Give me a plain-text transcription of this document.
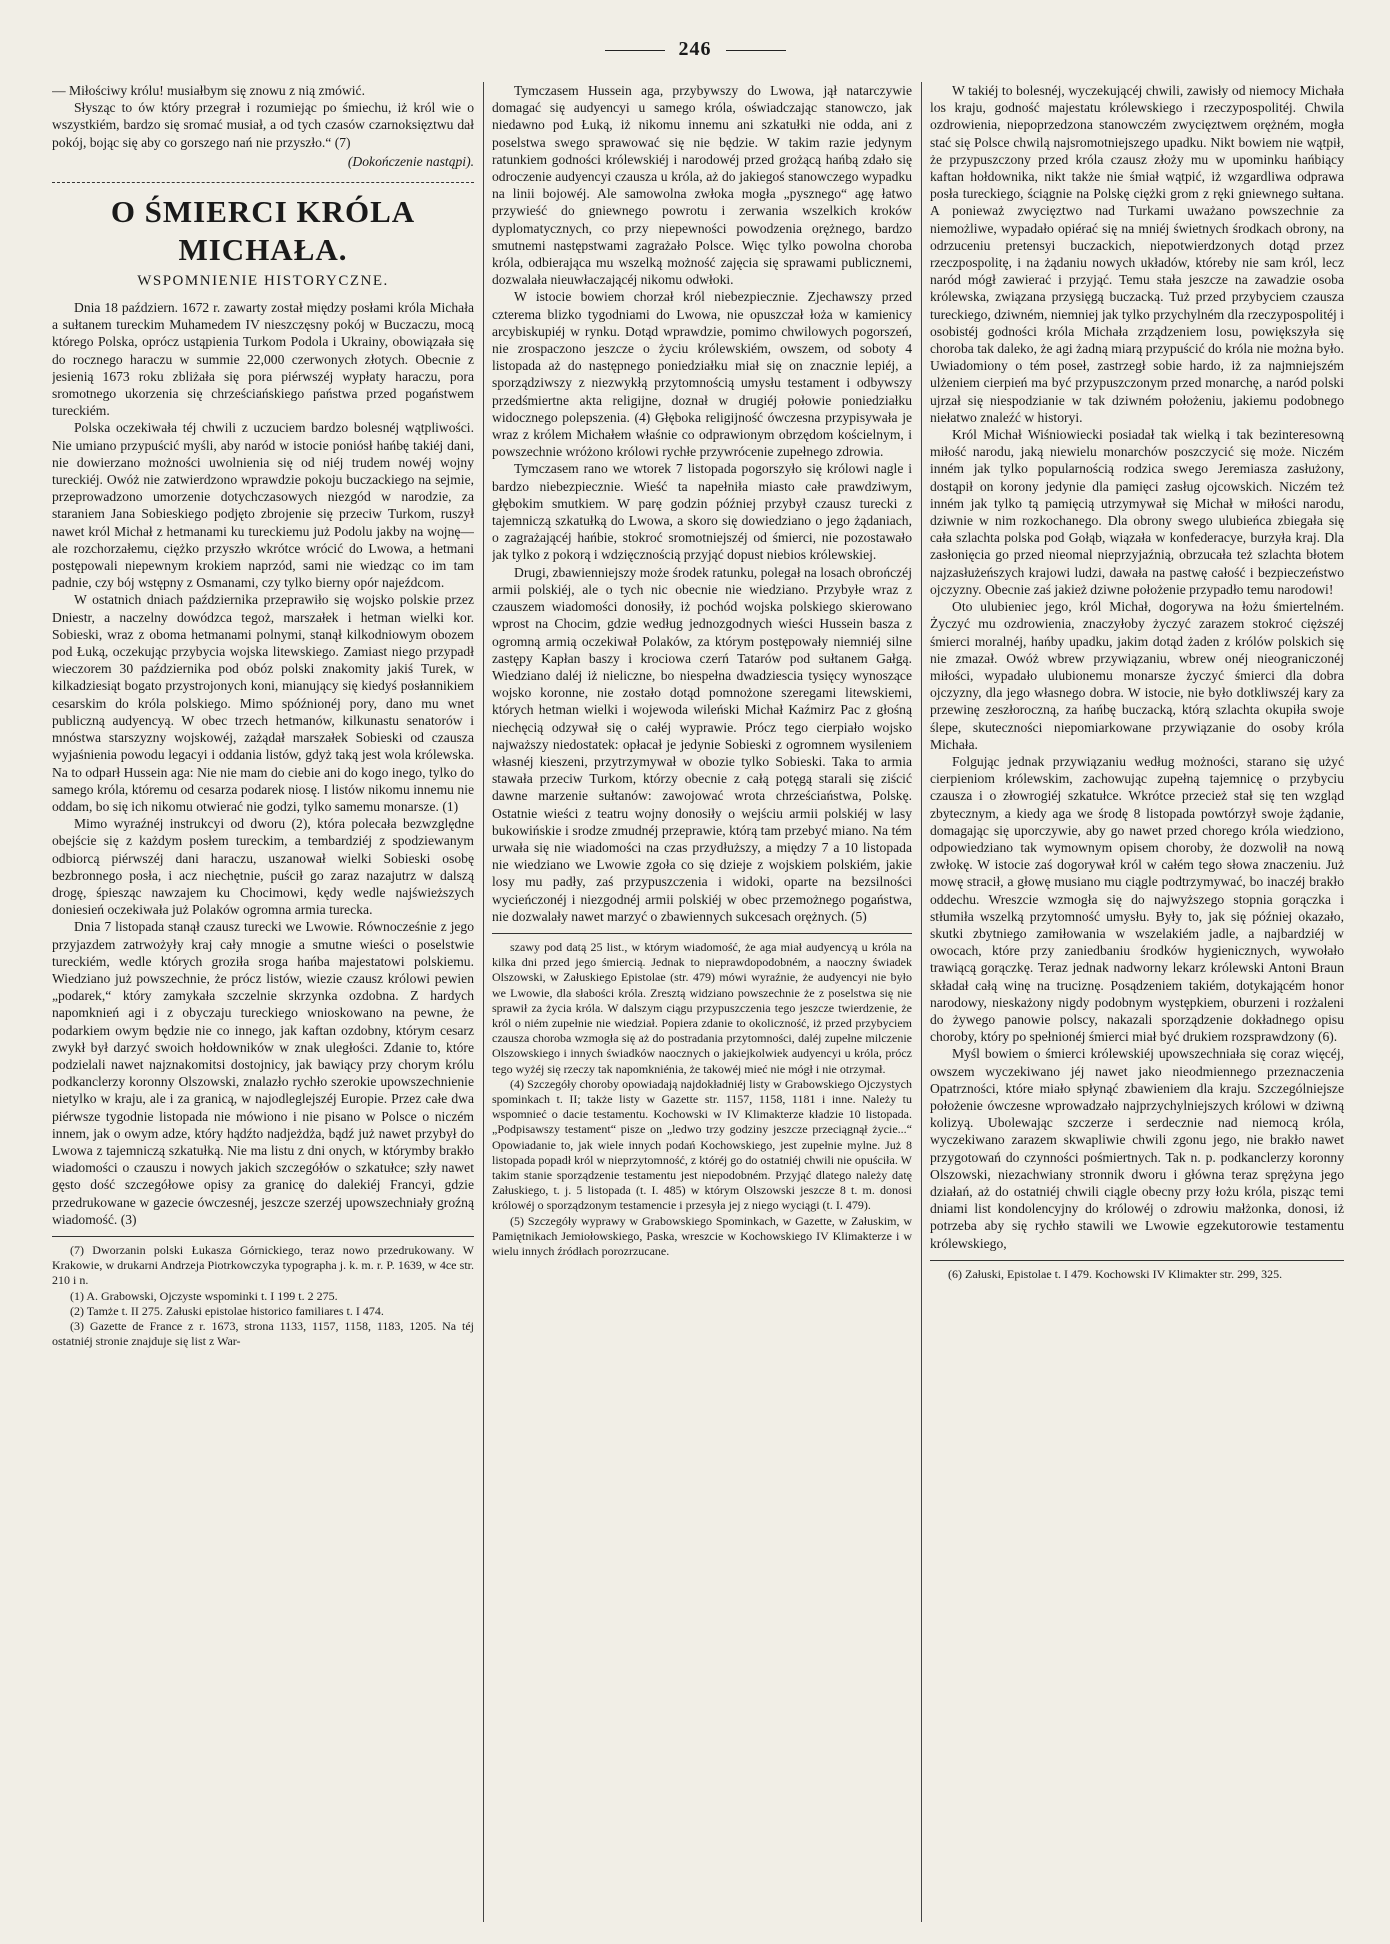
246

— Miłościwy królu! musiałbym się znowu z nią zmówić.

Słysząc to ów który przegrał i rozumiejąc po śmiechu, iż król wie o wszystkiém, bardzo się sromać musiał, a od tych czasów czarnoksięztwu dał pokój, bojąc się aby co gorszego nań nie przyszło.“ (7)

(Dokończenie nastąpi).
O ŚMIERCI KRÓLA MICHAŁA.
WSPOMNIENIE HISTORYCZNE.

Dnia 18 październ. 1672 r. zawarty został między posłami króla Michała a sułtanem tureckim Muhamedem IV nieszczęsny pokój w Buczaczu, mocą którego Polska, oprócz ustąpienia Turkom Podola i Ukrainy, obowiązała się do rocznego haraczu w summie 22,000 czerwonych złotych. Obecnie z jesienią 1673 roku zbliżała się pora piérwszéj wypłaty haraczu, pora sromotnego ukorzenia się chrześciańskiego państwa przed pogaństwem tureckiém.

Polska oczekiwała téj chwili z uczuciem bardzo bolesnéj wątpliwości. Nie umiano przypuścić myśli, aby naród w istocie poniósł hańbę takiéj dani, nie dowierzano możności uwolnienia się od niéj trudem nowéj wojny tureckiéj. Owóż nie zatwierdzono wprawdzie pokoju buczackiego na sejmie, przeprowadzono umorzenie dotychczasowych niezgód w narodzie, za staraniem Jana Sobieskiego podjęto zbrojenie się przeciw Turkom, ruszył nawet król Michał z hetmanami ku tureckiemu już Podolu jakby na wojnę—ale rozchorzałemu, ciężko przyszło wkrótce wrócić do Lwowa, a hetmani postępowali niepewnym krokiem naprzód, sami nie wiedząc co im tam padnie, czy bój wstępny z Osmanami, czy tylko bierny opór najeźdcom.

W ostatnich dniach października przeprawiło się wojsko polskie przez Dniestr, a naczelny dowódzca tegoż, marszałek i hetman wielki kor. Sobieski, wraz z oboma hetmanami polnymi, stanął kilkodniowym obozem pod Łuką, oczekując przybycia wojska litewskiego. Zamiast niego przypadł wieczorem 30 października pod obóz polski znakomity jakiś Turek, w kilkadziesiąt bogato przystrojonych koni, mianujący się kiedyś posłannikiem cesarskim do króla polskiego. Mimo spóźnionéj pory, dano mu wnet publiczną audyencyą. W obec trzech hetmanów, kilkunastu senatorów i mnóstwa starszyzny wojskowéj, zażądał marszałek Sobieski od czausza wyjaśnienia powodu legacyi i oddania listów, gdyż taką jest wola królewska. Na to odparł Hussein aga: Nie nie mam do ciebie ani do kogo inego, tylko do samego króla, któremu od cesarza podarek niosę. I listów nikomu innemu nie oddam, bo się ich nikomu otwierać nie godzi, tylko samemu monarsze. (1)

Mimo wyraźnéj instrukcyi od dworu (2), która polecała bezwzględne obejście się z każdym posłem tureckim, a tembardziéj z spodziewanym odbiorcą piérwszéj dani haraczu, uszanował wielki Sobieski osobę bezbronnego posła, i acz niechętnie, puścił go zaraz nazajutrz w dalszą drogę, śpiesząc nawzajem ku Chocimowi, kędy wedle najświeższych doniesień oczekiwała już Polaków ogromna armia turecka.

Dnia 7 listopada stanął czausz turecki we Lwowie. Równocześnie z jego przyjazdem zatrwożyły kraj cały mnogie a smutne wieści o poselstwie tureckiém, wedle których groziła sroga hańba majestatowi polskiemu. Wiedziano już powszechnie, że prócz listów, wiezie czausz królowi pewien „podarek,“ który zamykała szczelnie skrzynka ozdobna. Z hardych napomknień agi i z obyczaju tureckiego wnioskowano na pewne, że podarkiem owym będzie nie co innego, jak kaftan ozdobny, którym cesarz zwykł był darzyć swoich hołdowników w znak uległości. Zdanie to, które podzielali nawet najznakomitsi dostojnicy, jak bawiący przy chorym królu podkanclerzy koronny Olszowski, znalazło rychło szerokie upowszechnienie nietylko w kraju, ale i za granicą, w najodleglejszéj Europie. Przez całe dwa piérwsze tygodnie listopada nie mówiono i nie pisano w Polsce o niczém innem, jak o owym adze, który hądźto nadjeżdża, bądź już nawet przybył do Lwowa z tajemniczą szkatułką. Nie ma listu z dni onych, w którymby brakło wiadomości o czauszu i nowych jakich szczegółów o szkatułce; szły nawet gęsto dość szczegółowe opisy za granicę do dalekiéj Francyi, gdzie przedrukowane w gazecie ówczesnéj, jeszcze szerzéj upowszechniały groźną wiadomość. (3)

(7) Dworzanin polski Łukasza Górnickiego, teraz nowo przedrukowany. W Krakowie, w drukarni Andrzeja Piotrkowczyka typographa j. k. m. r. P. 1639, w 4ce str. 210 i n.

(1) A. Grabowski, Ojczyste wspominki t. I 199 t. 2 275.

(2) Tamże t. II 275. Załuski epistolae historico familiares t. I 474.

(3) Gazette de France z r. 1673, strona 1133, 1157, 1158, 1183, 1205. Na téj ostatniéj stronie znajduje się list z War-

Tymczasem Hussein aga, przybywszy do Lwowa, jął natarczywie domagać się audyencyi u samego króla, oświadczając stanowczo, jak niedawno pod Łuką, iż nikomu innemu ani szkatułki nie odda, ani z poselstwa swego sprawować się nie będzie. W takim razie jedynym ratunkiem godności królewskiéj i narodowéj przed grożącą hańbą zdało się odroczenie audyencyi czausza u króla, aż do jakiegoś stanowczego wypadku na linii bojowéj. Ale samowolna zwłoka mogła „pysznego“ agę łatwo przywieść do gniewnego powrotu i zerwania wszelkich kroków dyplomatycznych, co przy niepewności powodzenia orężnego, bardzo smutnemi następstwami zagrażało Polsce. Więc tylko powolna choroba króla, odbierająca mu wszelką możność zajęcia się sprawami publicznemi, dozwalała nieuwłaczającéj nikomu odwłoki.

W istocie bowiem chorzał król niebezpiecznie. Zjechawszy przed czterema blizko tygodniami do Lwowa, nie opuszczał łoża w kamienicy arcybiskupiéj w rynku. Dotąd wprawdzie, pomimo chwilowych pogorszeń, nie zrospaczono jeszcze o życiu królewskiém, owszem, od soboty 4 listopada aż do następnego poniedziałku miał się on znacznie lepiéj, a sporządziwszy z niezwykłą przytomnością umysłu testament i odbywszy przedśmiertne akta religijne, doznał w drugiéj połowie poniedziałku widocznego polepszenia. (4) Głęboka religijność ówczesna przypisywała je wraz z królem Michałem właśnie co odprawionym obrzędom kościelnym, i powszechnie wróżono królowi rychłe przywrócenie zupełnego zdrowia.

Tymczasem rano we wtorek 7 listopada pogorszyło się królowi nagle i bardzo niebezpiecznie. Wieść ta napełniła miasto całe prawdziwym, głębokim smutkiem. W parę godzin później przybył czausz turecki z tajemniczą szkatułką do Lwowa, a skoro się dowiedziano o jego żądaniach, o zagrażającéj hańbie, stokroć sromotniejszéj od śmierci, nie pozostawało jak tylko z pokorą i wdzięcznością przyjąć dopust niebios królewskiej.

Drugi, zbawienniejszy może środek ratunku, polegał na losach obrończéj armii polskiéj, ale o tych nic obecnie nie wiedziano. Przybyłe wraz z czauszem wiadomości donosiły, iż pochód wojska polskiego skierowano wprost na Chocim, gdzie według jednozgodnych wieści Hussein basza z ogromną armią oczekiwał Polaków, za którym postępowały niemniéj silne zastępy Kapłan baszy i krociowa czerń Tatarów pod sułtanem Gałgą. Wiedziano daléj iż nieliczne, bo niespełna dwadziescia tysięcy wynoszące wojsko koronne, nie zostało dotąd pomnożone szeregami litewskiemi, których hetman wielki i wojewoda wileński Michał Kaźmirz Pac z głośną niechęcią odzywał się o całéj wyprawie. Prócz tego cierpiało wojsko najważszy niedostatek: opłacał je jedynie Sobieski z ogromnem wysileniem własnéj kieszeni, przytrzymywał w obozie tylko Sobieski. Taka to armia stawała przeciw Turkom, którzy obecnie z całą potęgą starali się ziścić dawne marzenie sułtanów: zawojować wrota chrześciaństwa, Polskę. Ostatnie wieści z teatru wojny donosiły o wejściu armii polskiéj w lasy bukowińskie i srodze zmudnéj przeprawie, którą tam przebyć miano. Na tém urwała się nie wiadomości na czas przydłuższy, a między 7 a 10 listopada nie wiedziano we Lwowie zgoła co się dzieje z wojskiem polskiém, jakie losy mu padły, zaś przypuszczenia i widoki, oparte na bezsilności wycieńczonéj i niezgodnéj armii polskiéj w obec przemożnego pogaństwa, nie dozwalały nawet marzyć o zbawiennych sukcesach orężnych. (5)

szawy pod datą 25 list., w którym wiadomość, że aga miał audyencyą u króla na kilka dni przed jego śmiercią. Jednak to nieprawdopodobném, a naoczny świadek Olszowski, w Załuskiego Epistolae (str. 479) mówi wyraźnie, że audyencyi nie było we Lwowie, dla słabości króla. Zresztą widziano powszechnie że z poselstwa się nie sprawił za życia króla. W dalszym ciągu przypuszczenia tego jeszcze twierdzenie, że król o niém zupełnie nie wiedział. Popiera zdanie to okoliczność, iż przed przybyciem czausza choroba wzmogła się aż do postradania przytomności, daléj zupełne milczenie Olszowskiego i innych świadków naocznych o jakiejkolwiek audyencyi u króla, prócz tego wyżéj się rzeczy tak napomkniénia, że takowéj mieć nie mógł i nie otrzymał.

(4) Szczegóły choroby opowiadają najdokładniéj listy w Grabowskiego Ojczystych spominkach t. II; także listy w Gazette str. 1157, 1158, 1181 i inne. Należy tu wspomnieć o dacie testamentu. Kochowski w IV Klimakterze kładzie 10 listopada. „Podpisawszy testament“ pisze on „ledwo trzy godziny jeszcze przeciągnął życie...“ Opowiadanie to, jak wiele innych podań Kochowskiego, jest zupełnie mylne. Już 8 listopada popadł król w nieprzytomność, z któréj go do ostatniéj chwili nie opuściła. W takim stanie sporządzenie testamentu jest niepodobném. Przyjąć dlatego należy datę Załuskiego, t. j. 5 listopada (t. I. 485) w którym Olszowski jeszcze 8 t. m. donosi królowéj o sporządzonym testamencie i przesyła jej z niego wyciągi (t. I. 479).

(5) Szczegóły wyprawy w Grabowskiego Spominkach, w Gazette, w Załuskim, w Pamiętnikach Jemiołowskiego, Paska, wreszcie w Kochowskiego IV Klimakterze i w wielu innych źródłach porozrzucane.

W takiéj to bolesnéj, wyczekującéj chwili, zawisły od niemocy Michała los kraju, godność majestatu królewskiego i rzeczypospolitéj. Chwila ozdrowienia, niepoprzedzona stanowczém zwycięztwem orężném, mogła stać się Polsce chwilą najsromotniejszego upadku. Nikt bowiem nie wątpił, że przypuszczony przed króla czausz złoży mu w upominku hańbiący kaftan hołdownika, nikt także nie śmiał wątpić, iż wzgardliwa odprawa posła tureckiego, ściągnie na Polskę ciężki grom z ręki gniewnego sułtana. A ponieważ zwycięztwo nad Turkami uważano powszechnie za niemożliwe, wypadało opiérać się na mniéj świetnych środkach obrony, na odrzuceniu pretensyi buczackich, niepotwierdzonych dotąd przez rzeczpospolitę, i na żądaniu nowych układów, któreby nie sam król, lecz naród mógł zawierać i przyjąć. Temu stała jeszcze na zawadzie osoba królewska, związana przysięgą buczacką. Tuż przed przybyciem czausza tureckiego, dziwném, niemniej jak tylko przychylném dla rzeczypospolitéj i osobistéj godności króla Michała zrządzeniem losu, powiększyła się choroba tak daleko, że agi żadną miarą przypuścić do króla nie można było. Uwiadomiony o tém poseł, zastrzegł sobie hardo, iż za najmniejszém ulżeniem cierpień ma być przypuszczonym przed monarchę, a naród polski ujrzał się niespodzianie w tak dziwném położeniu, jakiemu podobnego niełatwo znaleźć w historyi.

Król Michał Wiśniowiecki posiadał tak wielką i tak bezinteresowną miłość narodu, jaką niewielu monarchów poszczycić się może. Niczém inném jak tylko popularnością rodzica swego Jeremiasza zasłużony, dostąpił on korony jedynie dla pamięci zasług ojcowskich. Niczém też inném jak tylko tą pamięcią utrzymywał się Michał w miłości narodu, dziwnie w nim rozkochanego. Dla obrony swego ulubieńca zbiegała się cała szlachta polska pod Gołąb, wiązała w konfederacye, burzyła kraj. Dla zasłonięcia go przed nieomal nieprzyjaźnią, obrzucała też szlachta błotem najzasłużeńszych krajowi ludzi, dawała na pastwę całość i bezpieczeństwo ojczyzny. Obecnie zaś jakież dziwne położenie przypadło temu narodowi!

Oto ulubieniec jego, król Michał, dogorywa na łożu śmiertelném. Życzyć mu ozdrowienia, znaczyłoby życzyć zarazem stokroć cięższéj śmierci moralnéj, hańby upadku, jakim dotąd żaden z królów polskich się nie zmazał. Owóż wbrew przywiązaniu, wbrew onéj nieograniczonéj miłości, wypadało ulubionemu monarsze życzyć śmierci dla dobra ojczyzny, dla jego własnego dobra. W istocie, nie było dotkliwszéj kary za przewinę zeszłoroczną, za hańbę buczacką, którą szlachta okupiła swoje ślepe, skuteczności niepomiarkowane przywiązanie do osoby króla Michała.

Folgując jednak przywiązaniu według możności, starano się użyć cierpieniom królewskim, zachowując zupełną tajemnicę o przybyciu czausza i o złowrogiéj szkatułce. Wkrótce przecież stał się ten wzgląd zbytecznym, a kiedy aga we środę 8 listopada powtórzył swoje żądanie, domagając się uporczywie, aby go nawet przed chorego króla wiedziono, odpowiedziano tak wymownym opisem choroby, że dozwolił na nową zwłokę. W istocie zaś dogorywał król w całém tego słowa znaczeniu. Już mowę stracił, a głowę musiano mu ciągle podtrzymywać, bo inaczéj brakło oddechu. Wreszcie wzmogła się do najwyższego stopnia gorączka i stłumiła wszelką przytomność umysłu. Były to, jak się później okazało, skutki zbytniego zamiłowania w wszelakiém jadle, a najbardziéj w owocach, które przy zaniedbaniu środków hygienicznych, wywołało trawiącą gorączkę. Teraz jednak nadworny lekarz królewski Antoni Braun składał całą winę na truciznę. Posądzeniem takiém, dotykającém honor narodowy, nieskażony nigdy podobnym występkiem, oburzeni i rozżaleni do żywego panowie polscy, nakazali sporządzenie dokładnego opisu choroby, który po spełnionéj śmierci miał być drukiem rozsprawdzony (6).

Myśl bowiem o śmierci królewskiéj upowszechniała się coraz więcéj, owszem wyczekiwano jéj nawet jako nieodmiennego przeznaczenia Opatrzności, które miało spłynąć zbawieniem dla kraju. Szczególniejsze położenie ówczesne wprowadzało najprzychylniejszych królowi w dziwną kolizyą. Ubolewając szczerze i serdecznie nad niemocą króla, wyczekiwano zarazem skwapliwie chwili zgonu jego, nie brakło nawet przygotowań do czynności pośmiertnych. Tak n. p. podkanclerzy koronny Olszowski, niezachwiany stronnik dworu i główna teraz sprężyna jego działań, aż do ostatniéj chwili ciągle obecny przy łożu króla, pisząc temi dniami list kondolencyjny do królowéj o zdrowiu małżonka, donosi, iż potrzeba aby się rychło stawili we Lwowie egzekutorowie testamentu królewskiego,

(6) Załuski, Epistolae t. I 479. Kochowski IV Klimakter str. 299, 325.
